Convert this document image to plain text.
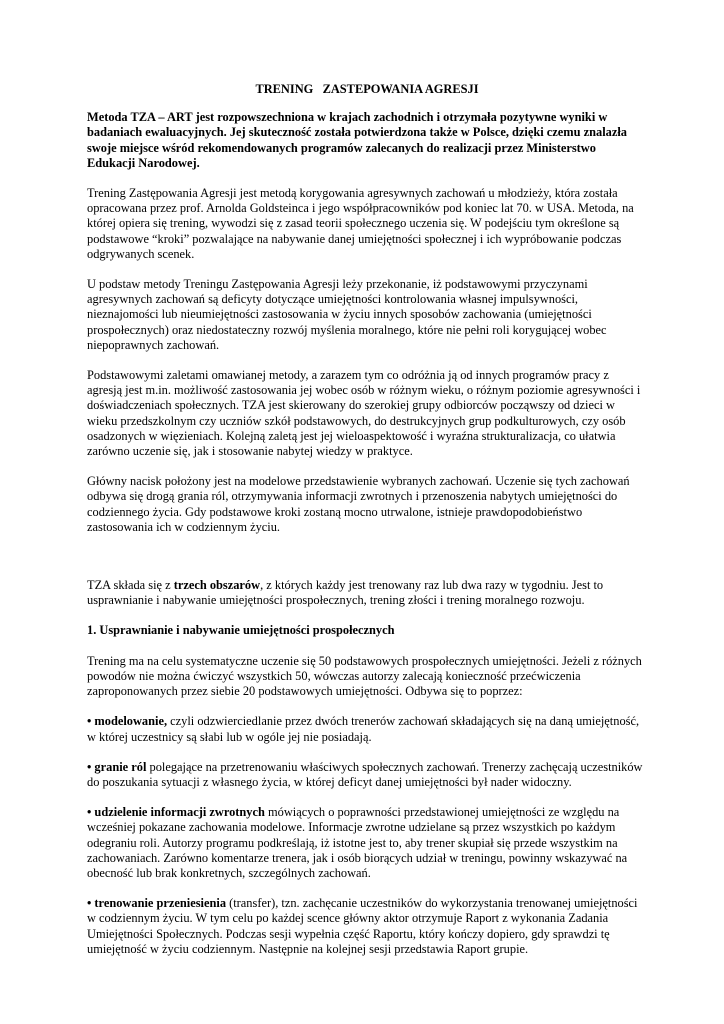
TRENING   ZASTEPOWANIA AGRESJI

Metoda TZA – ART jest rozpowszechniona w krajach zachodnich i otrzymała pozytywne wyniki w badaniach ewaluacyjnych. Jej skuteczność została potwierdzona także w Polsce, dzięki czemu znalazła swoje miejsce wśród rekomendowanych programów zalecanych do realizacji przez Ministerstwo Edukacji Narodowej.

Trening Zastępowania Agresji jest metodą korygowania agresywnych zachowań u młodzieży, która została opracowana przez prof. Arnolda Goldsteinca i jego współpracowników pod koniec lat 70. w USA. Metoda, na której opiera się trening, wywodzi się z zasad teorii społecznego uczenia się. W podejściu tym określone są podstawowe “kroki” pozwalające na nabywanie danej umiejętności społecznej i ich wypróbowanie podczas odgrywanych scenek.

U podstaw metody Treningu Zastępowania Agresji leży przekonanie, iż podstawowymi przyczynami agresywnych zachowań są deficyty dotyczące umiejętności kontrolowania własnej impulsywności, nieznajomości lub nieumiejętności zastosowania w życiu innych sposobów zachowania (umiejętności prospołecznych) oraz niedostateczny rozwój myślenia moralnego, które nie pełni roli korygującej wobec niepoprawnych zachowań.

Podstawowymi zaletami omawianej metody, a zarazem tym co odróżnia ją od innych programów pracy z agresją jest m.in. możliwość zastosowania jej wobec osób w różnym wieku, o różnym poziomie agresywności i doświadczeniach społecznych. TZA jest skierowany do szerokiej grupy odbiorców począwszy od dzieci w wieku przedszkolnym czy uczniów szkół podstawowych, do destrukcyjnych grup podkulturowych, czy osób osadzonych w więzieniach. Kolejną zaletą jest jej wieloaspektowość i wyraźna strukturalizacja, co ułatwia zarówno uczenie się, jak i stosowanie nabytej wiedzy w praktyce.

Główny nacisk położony jest na modelowe przedstawienie wybranych zachowań. Uczenie się tych zachowań odbywa się drogą grania ról, otrzymywania informacji zwrotnych i przenoszenia nabytych umiejętności do codziennego życia. Gdy podstawowe kroki zostaną mocno utrwalone, istnieje prawdopodobieństwo zastosowania ich w codziennym życiu.

TZA składa się z trzech obszarów, z których każdy jest trenowany raz lub dwa razy w tygodniu. Jest to usprawnianie i nabywanie umiejętności prospołecznych, trening złości i trening moralnego rozwoju.

1. Usprawnianie i nabywanie umiejętności prospołecznych

Trening ma na celu systematyczne uczenie się 50 podstawowych prospołecznych umiejętności. Jeżeli z różnych powodów nie można ćwiczyć wszystkich 50, wówczas autorzy zalecają konieczność przećwiczenia zaproponowanych przez siebie 20 podstawowych umiejętności. Odbywa się to poprzez:

• modelowanie, czyli odzwierciedlanie przez dwóch trenerów zachowań składających się na daną umiejętność, w której uczestnicy są słabi lub w ogóle jej nie posiadają.

• granie ról polegające na przetrenowaniu właściwych społecznych zachowań. Trenerzy zachęcają uczestników do poszukania sytuacji z własnego życia, w której deficyt danej umiejętności był nader widoczny.

• udzielenie informacji zwrotnych mówiących o poprawności przedstawionej umiejętności ze względu na wcześniej pokazane zachowania modelowe. Informacje zwrotne udzielane są przez wszystkich po każdym odegraniu roli. Autorzy programu podkreślają, iż istotne jest to, aby trener skupiał się przede wszystkim na zachowaniach. Zarówno komentarze trenera, jak i osób biorących udział w treningu, powinny wskazywać na obecność lub brak konkretnych, szczególnych zachowań.

• trenowanie przeniesienia (transfer), tzn. zachęcanie uczestników do wykorzystania trenowanej umiejętności w codziennym życiu. W tym celu po każdej scence główny aktor otrzymuje Raport z wykonania Zadania Umiejętności Społecznych. Podczas sesji wypełnia część Raportu, który kończy dopiero, gdy sprawdzi tę umiejętność w życiu codziennym. Następnie na kolejnej sesji przedstawia Raport grupie.
